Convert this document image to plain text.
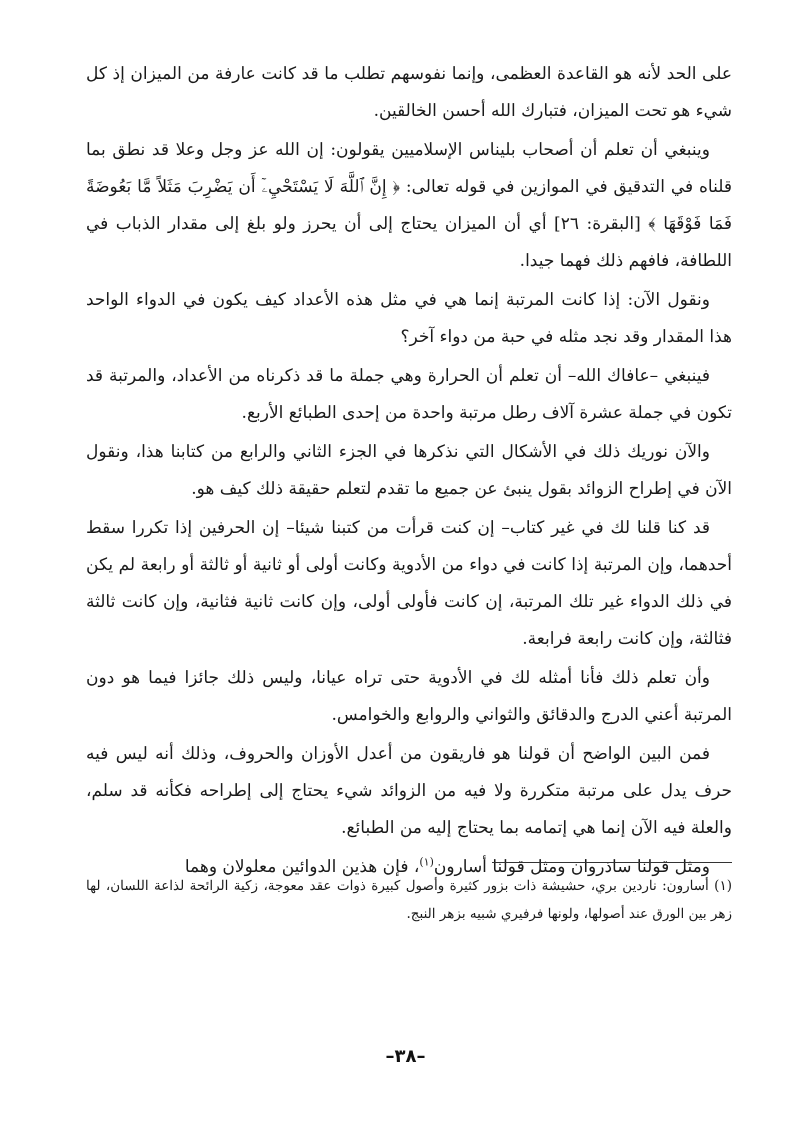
على الحد لأنه هو القاعدة العظمى، وإنما نفوسهم تطلب ما قد كانت عارفة من الميزان إذ كل شيء هو تحت الميزان، فتبارك الله أحسن الخالقين.

وينبغي أن تعلم أن أصحاب بليناس الإسلاميين يقولون: إن الله عز وجل وعلا قد نطق بما قلناه في التدقيق في الموازين في قوله تعالى: ﴿ إِنَّ ٱللَّهَ لَا يَسْتَحْيِۦٓ أَن يَضْرِبَ مَثَلاً مَّا بَعُوضَةً فَمَا فَوْقَهَا ﴾ [البقرة: ٢٦] أي أن الميزان يحتاج إلى أن يحرز ولو بلغ إلى مقدار الذباب في اللطافة، فافهم ذلك فهما جيدا.

ونقول الآن: إذا كانت المرتبة إنما هي في مثل هذه الأعداد كيف يكون في الدواء الواحد هذا المقدار وقد نجد مثله في حبة من دواء آخر؟

فينبغي –عافاك الله– أن تعلم أن الحرارة وهي جملة ما قد ذكرناه من الأعداد، والمرتبة قد تكون في جملة عشرة آلاف رطل مرتبة واحدة من إحدى الطبائع الأربع.

والآن نوريك ذلك في الأشكال التي نذكرها في الجزء الثاني والرابع من كتابنا هذا، ونقول الآن في إطراح الزوائد بقول ينبئ عن جميع ما تقدم لتعلم حقيقة ذلك كيف هو.

قد كنا قلنا لك في غير كتاب– إن كنت قرأت من كتبنا شيئا– إن الحرفين إذا تكررا سقط أحدهما، وإن المرتبة إذا كانت في دواء من الأدوية وكانت أولى أو ثانية أو ثالثة أو رابعة لم يكن في ذلك الدواء غير تلك المرتبة، إن كانت فأولى أولى، وإن كانت ثانية فثانية، وإن كانت ثالثة فثالثة، وإن كانت رابعة فرابعة.

وأن تعلم ذلك فأنا أمثله لك في الأدوية حتى تراه عيانا، وليس ذلك جائزا فيما هو دون المرتبة أعني الدرج والدقائق والثواني والروابع والخوامس.

فمن البين الواضح أن قولنا هو فاريقون من أعدل الأوزان والحروف، وذلك أنه ليس فيه حرف يدل على مرتبة متكررة ولا فيه من الزوائد شيء يحتاج إلى إطراحه فكأنه قد سلم، والعلة فيه الآن إنما هي إتمامه بما يحتاج إليه من الطبائع.

ومثل قولنا ساذروان ومثل قولنا أسارون$^{(١)}$، فإن هذين الدوائين معلولان وهما

(١) أسارون: ناردين بري، حشيشة ذات بزور كثيرة وأصول كبيرة ذوات عقد معوجة، زكية الرائحة لذاعة اللسان، لها زهر بين الورق عند أصولها، ولونها فرفيري شبيه بزهر النبج.

–٣٨–
